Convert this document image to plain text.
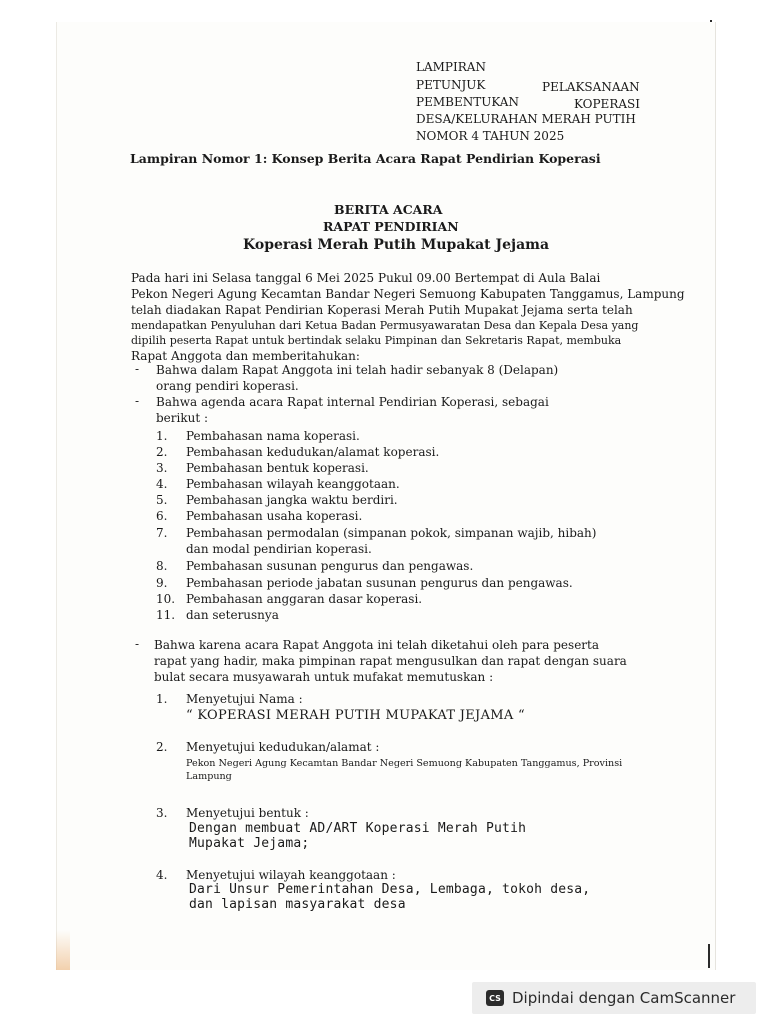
LAMPIRAN
PETUNJUK	PELAKSANAAN
PEMBENTUKAN	KOPERASI
DESA/KELURAHAN MERAH PUTIH
NOMOR 4 TAHUN 2025
Lampiran Nomor 1: Konsep Berita Acara Rapat Pendirian Koperasi
BERITA ACARA
RAPAT PENDIRIAN
Koperasi Merah Putih Mupakat Jejama
Pada hari ini Selasa tanggal 6 Mei 2025 Pukul 09.00 Bertempat di Aula Balai
Pekon Negeri Agung Kecamtan Bandar Negeri Semuong Kabupaten Tanggamus, Lampung
telah diadakan Rapat Pendirian Koperasi Merah Putih Mupakat Jejama serta telah
mendapatkan Penyuluhan dari Ketua Badan Permusyawaratan Desa dan Kepala Desa yang
dipilih peserta Rapat untuk bertindak selaku Pimpinan dan Sekretaris Rapat, membuka
Rapat Anggota dan memberitahukan:
- Bahwa dalam Rapat Anggota ini telah hadir sebanyak 8 (Delapan)
orang pendiri koperasi.
- Bahwa agenda acara Rapat internal Pendirian Koperasi, sebagai
berikut :
1. Pembahasan nama koperasi.
2. Pembahasan kedudukan/alamat koperasi.
3. Pembahasan bentuk koperasi.
4. Pembahasan wilayah keanggotaan.
5. Pembahasan jangka waktu berdiri.
6. Pembahasan usaha koperasi.
7. Pembahasan permodalan (simpanan pokok, simpanan wajib, hibah)
dan modal pendirian koperasi.
8. Pembahasan susunan pengurus dan pengawas.
9. Pembahasan periode jabatan susunan pengurus dan pengawas.
10. Pembahasan anggaran dasar koperasi.
11. dan seterusnya
- Bahwa karena acara Rapat Anggota ini telah diketahui oleh para peserta
rapat yang hadir, maka pimpinan rapat mengusulkan dan rapat dengan suara
bulat secara musyawarah untuk mufakat memutuskan :
1. Menyetujui Nama :
“ KOPERASI MERAH PUTIH MUPAKAT JEJAMA “
2. Menyetujui kedudukan/alamat :
Pekon Negeri Agung Kecamtan Bandar Negeri Semuong Kabupaten Tanggamus, Provinsi
Lampung
3. Menyetujui bentuk :
Dengan membuat AD/ART Koperasi Merah Putih
Mupakat Jejama;
4. Menyetujui wilayah keanggotaan :
Dari Unsur Pemerintahan Desa, Lembaga, tokoh desa,
dan lapisan masyarakat desa
CS Dipindai dengan CamScanner
